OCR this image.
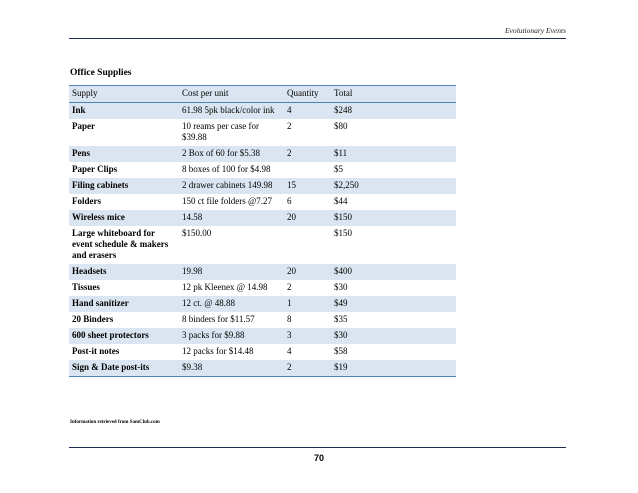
Evolutionary Events
Office Supplies
Supply	Cost per unit	Quantity	Total
Ink	61.98 5pk black/color ink	4	$248
Paper	10 reams per case for $39.88	2	$80
Pens	2 Box of 60 for $5.38	2	$11
Paper Clips	8 boxes of 100 for $4.98		$5
Filing cabinets	2 drawer cabinets 149.98	15	$2,250
Folders	150 ct file folders @7.27	6	$44
Wireless mice	14.58	20	$150
Large whiteboard for event schedule & makers and erasers	$150.00		$150
Headsets	19.98	20	$400
Tissues	12 pk Kleenex @ 14.98	2	$30
Hand sanitizer	12 ct. @ 48.88	1	$49
20 Binders	8 binders for $11.57	8	$35
600 sheet protectors	3 packs for $9.88	3	$30
Post-it notes	12 packs for $14.48	4	$58
Sign & Date post-its	$9.38	2	$19
Information retrieved from SamClub.com
70
